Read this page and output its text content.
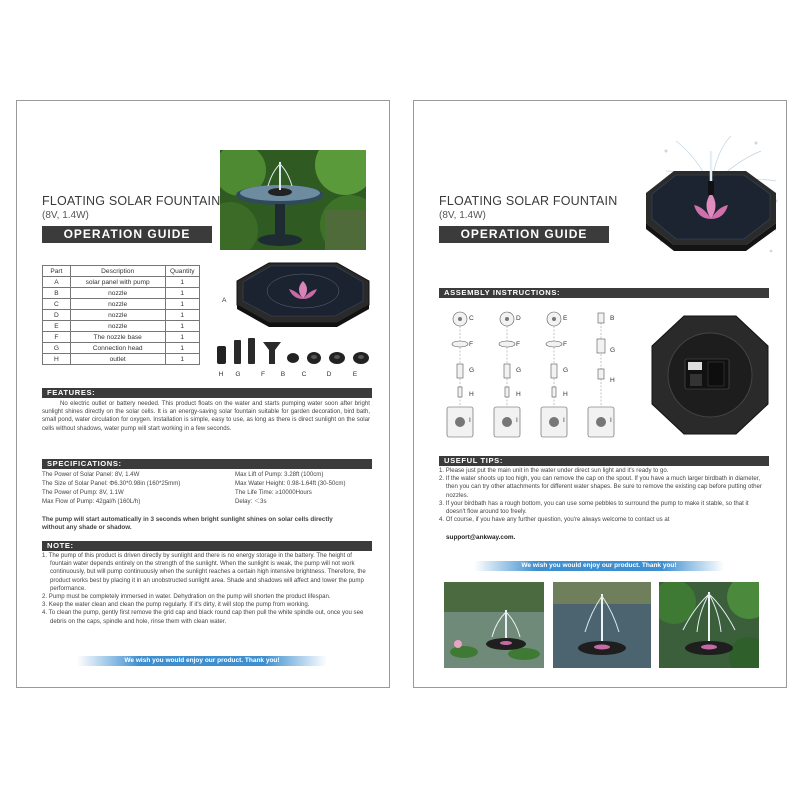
FLOATING SOLAR FOUNTAIN
(8V, 1.4W)
OPERATION GUIDE
Part	Description	Quantity
A	solar panel with pump	1
B	nozzle	1
C	nozzle	1
D	nozzle	1
E	nozzle	1
F	The nozzle base	1
G	Connection head	1
H	outlet	1
A
H G	F	B C	D	E
FEATURES:
No electric outlet or battery needed. This product floats on the water and starts pumping water soon after bright sunlight shines directly on the solar cells. It is an energy-saving solar fountain suitable for garden decoration, bird bath, small pond, water circulation for oxygen. Installation is simple, easy to use, as long as there is direct sunlight on the solar cells without shadows, water pump will start working in a few seconds.
SPECIFICATIONS:
The Power of Solar Panel: 8V, 1.4W
The Size of Solar Panel: Φ6.30*0.98in (160*25mm)
The Power of Pump: 8V, 1.1W
Max Flow of Pump: 42gal/h (160L/h)
Max Lift of Pump: 3.28ft (100cm)
Max Water Height: 0.98-1.64ft (30-50cm)
The Life Time: ≥10000Hours
Delay: ＜3s
The pump will start automatically in 3 seconds when bright sunlight shines on solar cells directly without any shade or shadow.
NOTE:
1. The pump of this product is driven directly by sunlight and there is no energy storage in the battery. The height of fountain water depends entirely on the strength of the sunlight. When the sunlight is weak, the pump will not work continuously, but will pump continuously when the sunlight reaches a certain high intensive brightness. Therefore, the product works best by placing it in an unobstructed sunlight area. Shade and shadows will affect and lower the pump performance.
2. Pump must be completely immersed in water. Dehydration on the pump will shorten the product lifespan.
3. Keep the water clean and clean the pump regularly. If it's dirty, it will stop the pump from working.
4. To clean the pump, gently first remove the grid cap and black round cap then pull the white spindle out, once you see debris on the caps, spindle and hole, rinse them with clean water.
We wish you would enjoy our product. Thank you!
FLOATING SOLAR FOUNTAIN
(8V, 1.4W)
OPERATION GUIDE
ASSEMBLY INSTRUCTIONS:
C	D	E	B
F	F	F
G
G	G	G
H
H	H	H
I
I	I	I
USEFUL TIPS:
1. Please just put the main unit in the water under direct sun light and it's ready to go.
2. If the water shoots up too high, you can remove the cap on the spout. If you have a much larger birdbath in diameter, then you can try other attachments for different water shapes. Be sure to remove the existing cap before putting other nozzles.
3. If your birdbath has a rough bottom, you can use some pebbles to surround the pump to make it stable, so that it doesn't flow around too freely.
4. Of course, if you have any further question, you're always welcome to contact us at
support@ankway.com.
We wish you would enjoy our product. Thank you!
